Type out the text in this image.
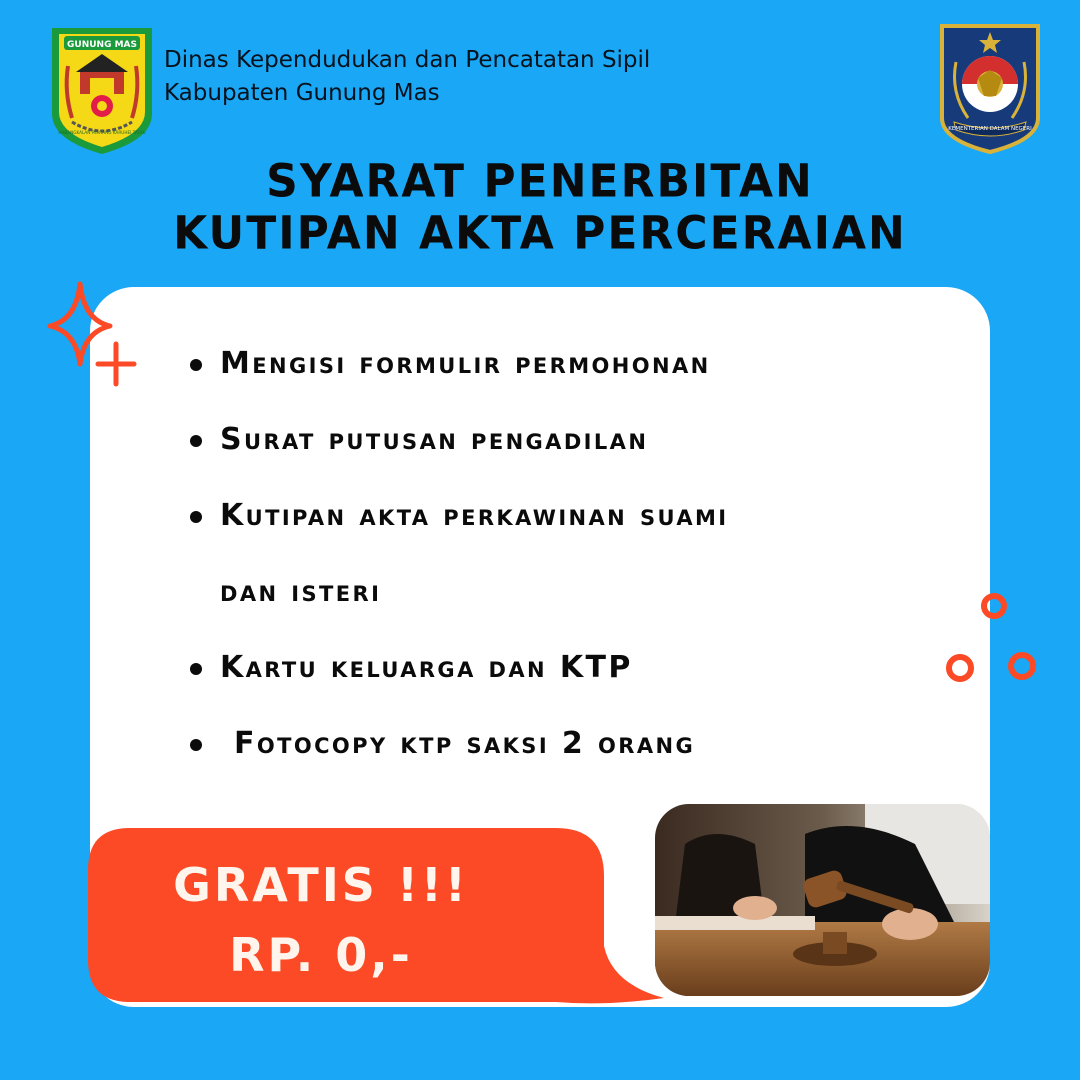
GUNUNG MAS
HABANGKALAN PENYANG KARUHEI TATAU
Dinas Kependudukan dan Pencatatan Sipil
Kabupaten Gunung Mas
KEMENTERIAN DALAM NEGERI
SYARAT PENERBITAN
KUTIPAN AKTA PERCERAIAN
Mengisi formulir permohonan
Surat putusan pengadilan
Kutipan akta perkawinan suami
dan isteri
Kartu keluarga dan KTP
Fotocopy ktp saksi 2 orang
GRATIS !!!
RP. 0,-
